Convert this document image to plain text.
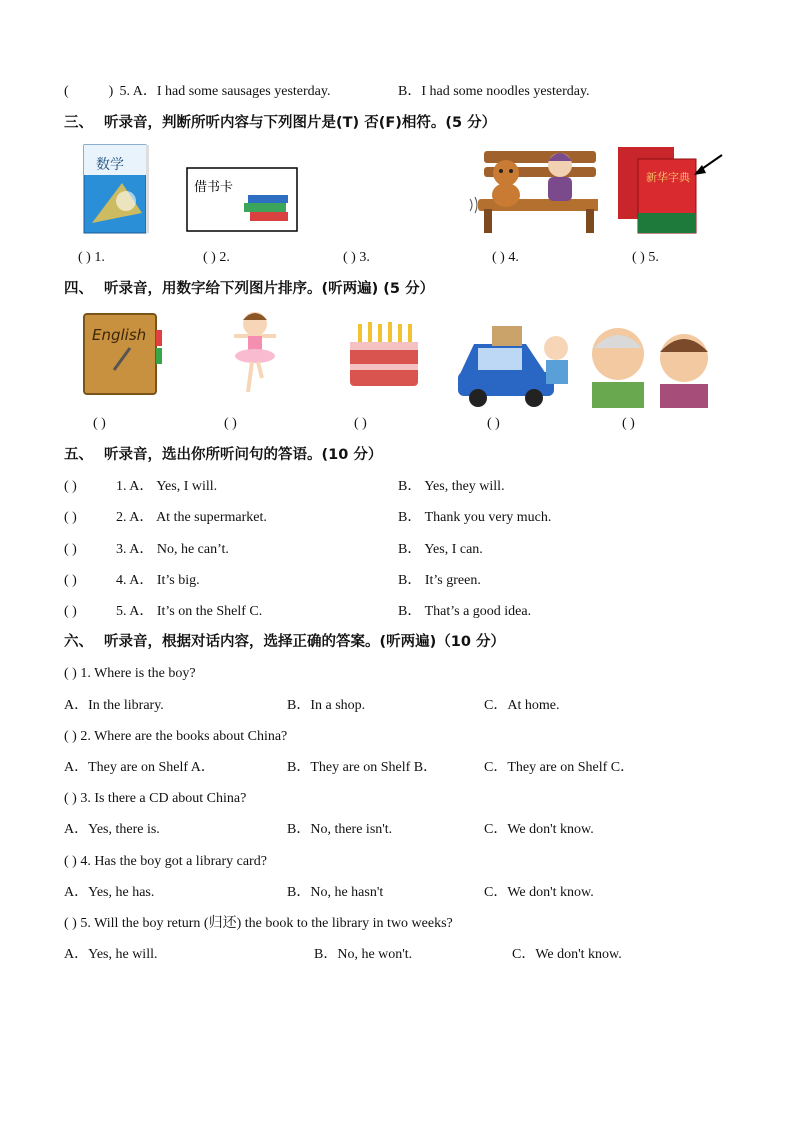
(	) 5. A．I had some sausages yesterday.	B．I had some noodles yesterday.
三、 听录音，判断所听内容与下列图片是(T) 否(F)相符。(5 分）
数学
借书卡
新华字典
( ) 1.	( ) 2.	( ) 3.	( ) 4.	( ) 5.
四、 听录音，用数字给下列图片排序。(听两遍) (5 分）
English
( )	( )	( )	( )	( )
五、 听录音，选出你所听问句的答语。(10 分）
( )	1. A． Yes, I will.	B． Yes, they will.
( )	2. A． At the supermarket.	B． Thank you very much.
( )	3. A． No, he can’t.	B． Yes, I can.
( )	4. A． It’s big.	B． It’s green.
( )	5. A． It’s on the Shelf C.	B． That’s a good idea.
六、 听录音，根据对话内容，选择正确的答案。(听两遍)（10 分）
( ) 1. Where is the boy?
A．In the library.	B．In a shop.	C．At home.
( ) 2. Where are the books about China?
A．They are on Shelf A．	B．They are on Shelf B．	C．They are on Shelf C．
( ) 3. Is there a CD about China?
A．Yes, there is.	B．No, there isn't.	C．We don't know.
( ) 4. Has the boy got a library card?
A．Yes, he has.	B．No, he hasn't	C．We don't know.
( ) 5. Will the boy return (归还) the book to the library in two weeks?
A．Yes, he will.	B．No, he won't.	C．We don't know.
